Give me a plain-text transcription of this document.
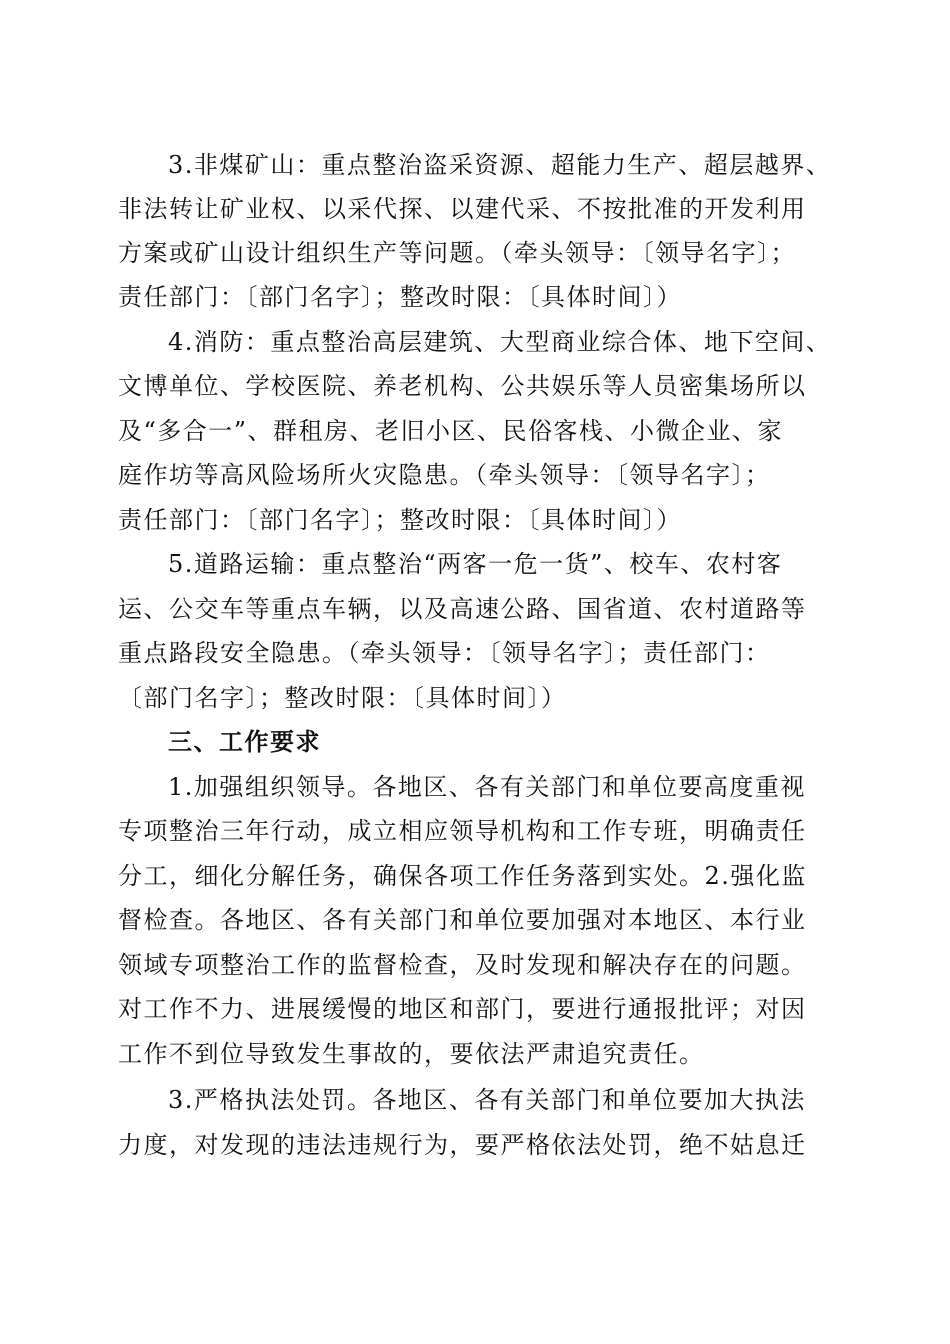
3.非煤矿山：重点整治盗采资源、超能力生产、超层越界、
非法转让矿业权、以采代探、以建代采、不按批准的开发利用
方案或矿山设计组织生产等问题。（牵头领导：〔领导名字〕；
责任部门：〔部门名字〕；整改时限：〔具体时间〕）
4.消防：重点整治高层建筑、大型商业综合体、地下空间、
文博单位、学校医院、养老机构、公共娱乐等人员密集场所以
及“多合一”、群租房、老旧小区、民俗客栈、小微企业、家
庭作坊等高风险场所火灾隐患。（牵头领导：〔领导名字〕；
责任部门：〔部门名字〕；整改时限：〔具体时间〕）
5.道路运输：重点整治“两客一危一货”、校车、农村客
运、公交车等重点车辆，以及高速公路、国省道、农村道路等
重点路段安全隐患。（牵头领导：〔领导名字〕；责任部门：
〔部门名字〕；整改时限：〔具体时间〕）
三、工作要求
1.加强组织领导。各地区、各有关部门和单位要高度重视
专项整治三年行动，成立相应领导机构和工作专班，明确责任
分工，细化分解任务，确保各项工作任务落到实处。2.强化监
督检查。各地区、各有关部门和单位要加强对本地区、本行业
领域专项整治工作的监督检查，及时发现和解决存在的问题。
对工作不力、进展缓慢的地区和部门，要进行通报批评；对因
工作不到位导致发生事故的，要依法严肃追究责任。
3.严格执法处罚。各地区、各有关部门和单位要加大执法
力度，对发现的违法违规行为，要严格依法处罚，绝不姑息迁
